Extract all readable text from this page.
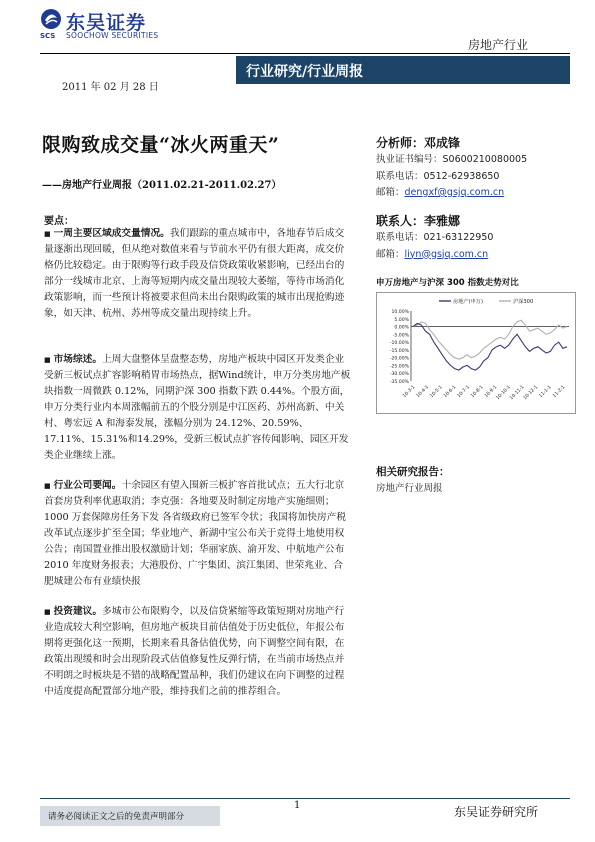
东吴证券
SCS SOOCHOW SECURITIES
房地产行业
行业研究/行业周报
2011 年 02 月 28 日
限购致成交量“冰火两重天”
——房地产行业周报（2011.02.21-2011.02.27）
要点：
■ 一周主要区域成交量情况。我们跟踪的重点城市中，各地春节后成交量逐渐出现回暖，但从绝对数值来看与节前水平仍有很大距离，成交价格仍比较稳定。由于限购等行政手段及信贷政策收紧影响，已经出台的部分一线城市北京、上海等短期内成交量出现较大萎缩，等待市场消化政策影响，而一些预计将被要求但尚未出台限购政策的城市出现抢购迹象，如天津、杭州、苏州等成交量出现持续上升。
■ 市场综述。上周大盘整体呈盘整态势，房地产板块中园区开发类企业受新三板试点扩容影响稍胃市场热点，据Wind统计，申万分类房地产板块指数一周微跌 0.12%，同期沪深 300 指数下跌 0.44%。个股方面，申万分类行业内本周涨幅前五的个股分别是中江医药、苏州高新、中关村、粤宏远 A 和海泰发展，涨幅分别为 24.12%、20.59%、17.11%、15.31%和14.29%，受新三板试点扩容传闻影响、园区开发类企业继续上涨。
■ 行业公司要闻。十余园区有望入围新三板扩容首批试点；五大行北京首套房贷利率优惠取消；李克强：各地要及时制定房地产实施细则；1000 万套保障房任务下发 各省级政府已签军令状；我国将加快房产税改革试点逐步扩至全国；华业地产、新湖中宝公布关于竞得土地使用权公告；南国置业推出股权激励计划；华丽家族、渝开发、中航地产公布 2010 年度财务报表；大港股份、广宇集团、滨江集团、世荣兆业、合肥城建公布有业绩快报
■ 投资建议。多城市公布限购令，以及信贷紧缩等政策短期对房地产行业造成较大利空影响，但房地产板块目前估值处于历史低位，年报公布期将更强化这一预期，长期来看具备估值优势，向下调整空间有限，在政策出现缓和时会出现阶段式估值修复性反弹行情，在当前市场热点并不明朗之时板块是不错的战略配置品种，我们仍建议在向下调整的过程中适度提高配置部分地产股，维持我们之前的推荐组合。
分析师：邓成锋
执业证书编号：S0600210080005
联系电话：0512-62938650
邮箱：dengxf@gsjq.com.cn
联系人：李雅娜
联系电话：021-63122950
邮箱：liyn@gsjq.com.cn
申万房地产与沪深 300 指数走势对比
10.00%
5.00%
0.00%
-5.00%
-10.00%
-15.00%
-20.00%
-25.00%
-30.00%
-35.00%
10-3-1 10-4-1 10-5-1 10-6-1 10-7-1 10-8-1 10-9-1
10-10-1
10-11-1
10-12-1 11-1-1 11-2-1
房地产(申万)	沪深300
相关研究报告：
房地产行业周报
1
请务必阅读正文之后的免责声明部分	东吴证券研究所
